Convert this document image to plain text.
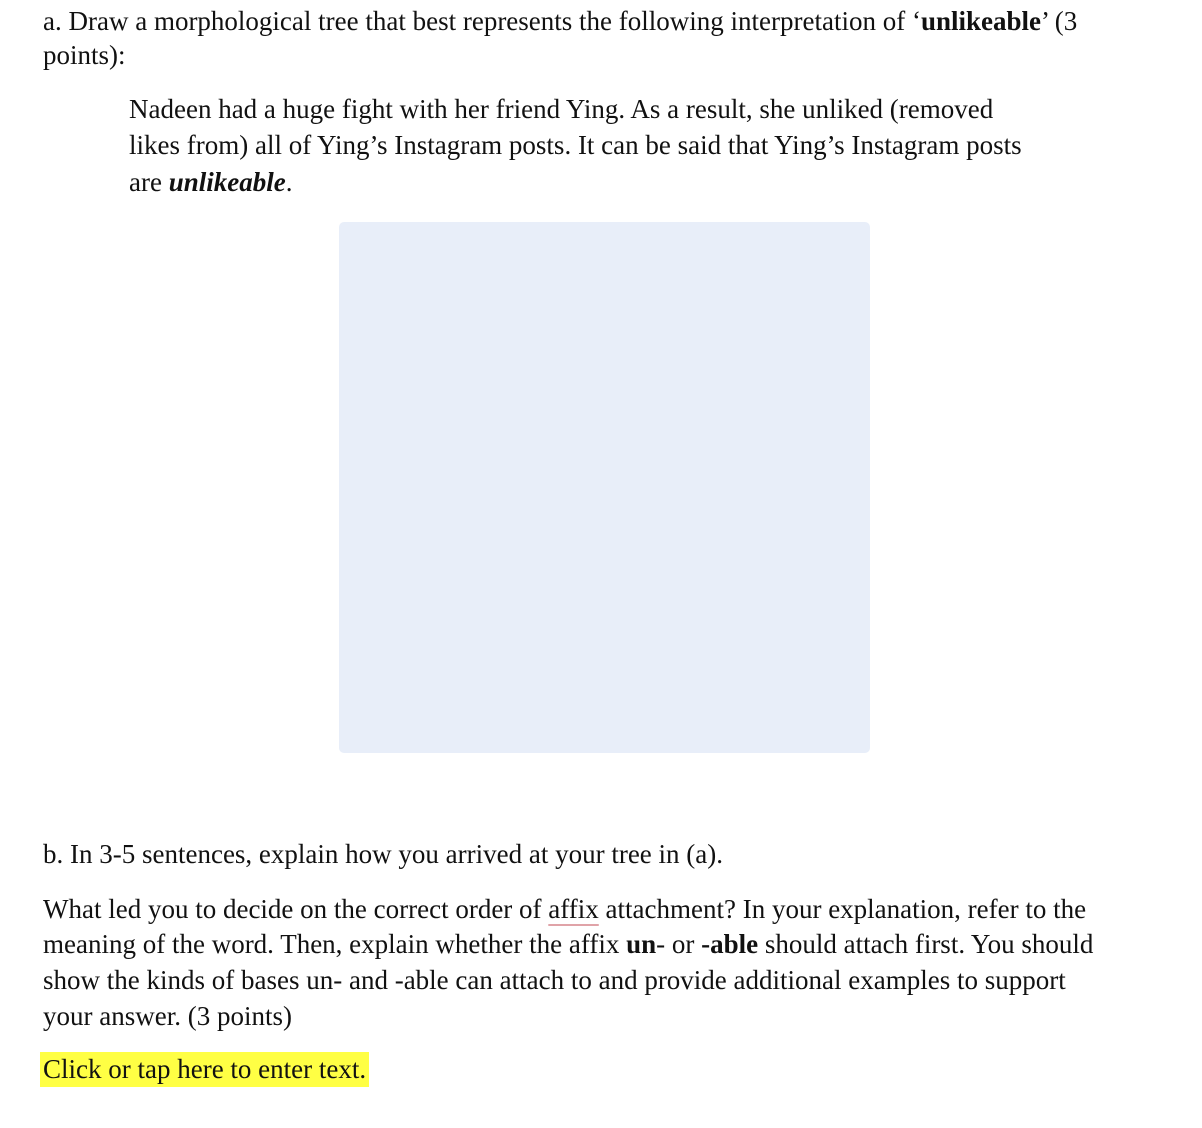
a. Draw a morphological tree that best represents the following interpretation of ‘unlikeable’ (3
points):
Nadeen had a huge fight with her friend Ying. As a result, she unliked (removed
likes from) all of Ying’s Instagram posts. It can be said that Ying’s Instagram posts
are unlikeable.
b. In 3-5 sentences, explain how you arrived at your tree in (a).
What led you to decide on the correct order of affix attachment? In your explanation, refer to the
meaning of the word. Then, explain whether the affix un- or -able should attach first. You should
show the kinds of bases un- and -able can attach to and provide additional examples to support
your answer. (3 points)
Click or tap here to enter text.
